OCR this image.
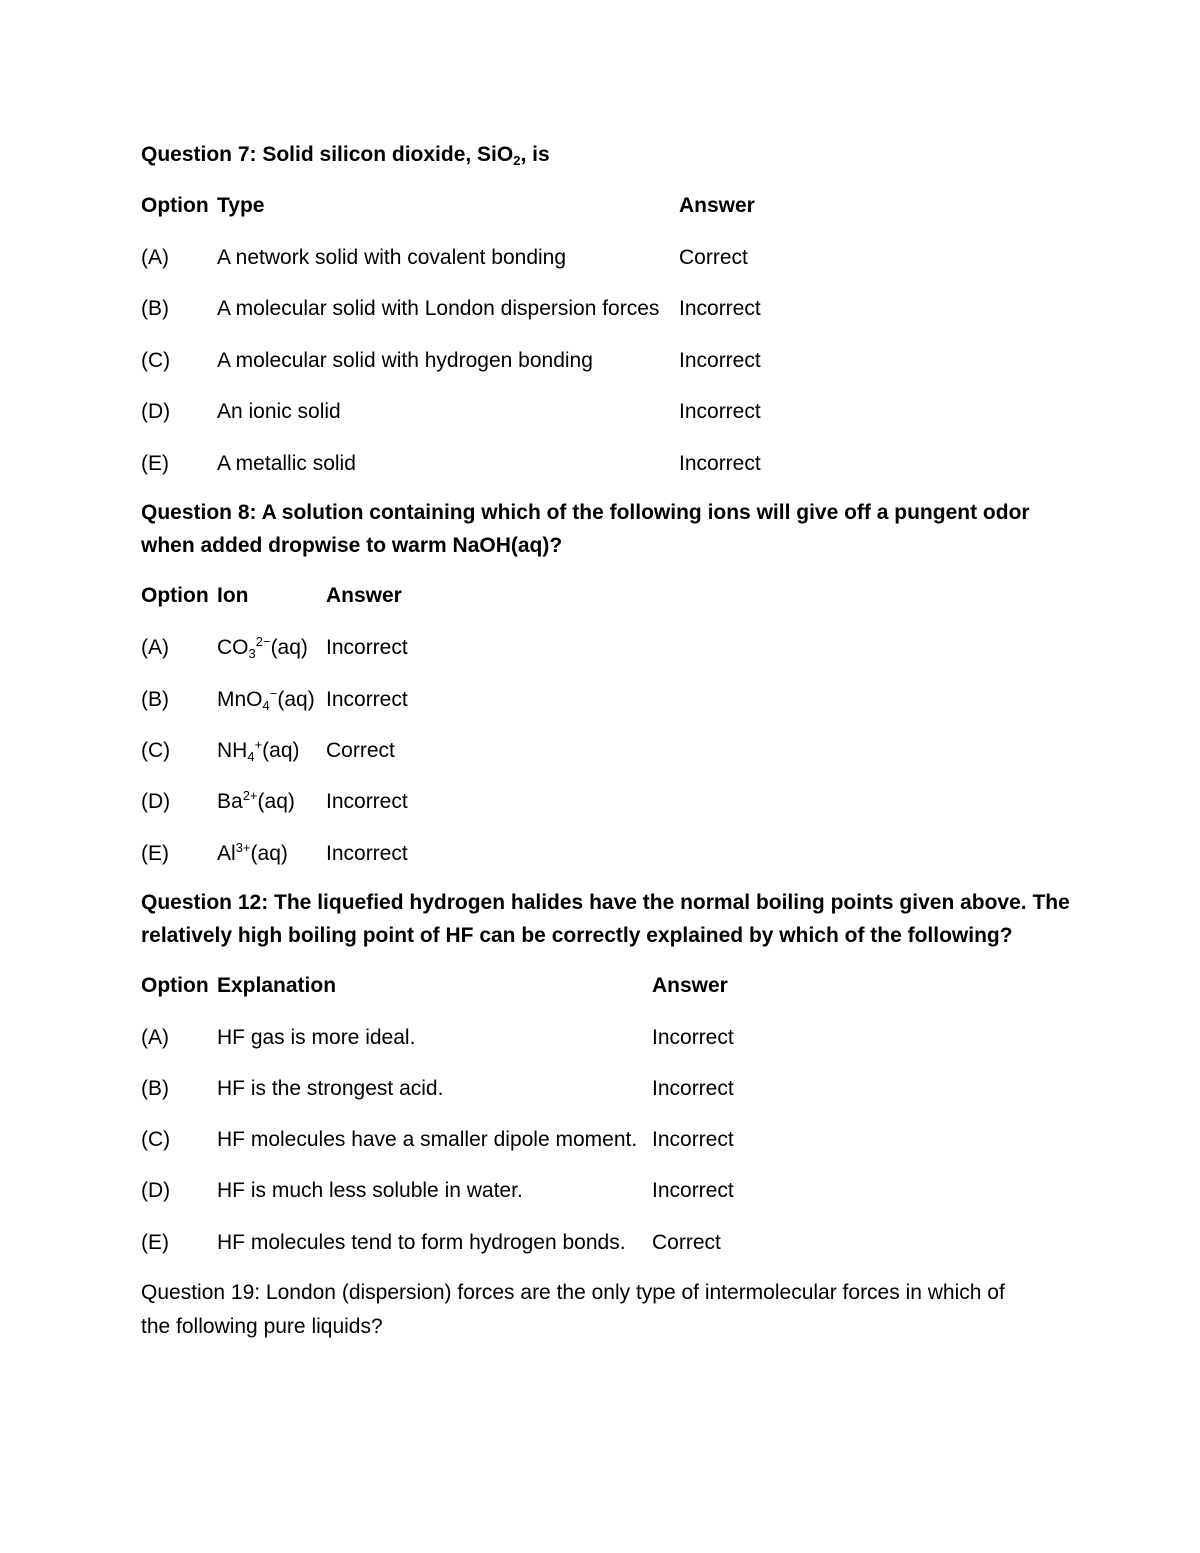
Question 7: Solid silicon dioxide, SiO$_2$, is
Option Type	Answer
(A) A network solid with covalent bonding	Correct
(B) A molecular solid with London dispersion forces Incorrect
(C) A molecular solid with hydrogen bonding	Incorrect
(D) An ionic solid	Incorrect
(E) A metallic solid	Incorrect
Question 8: A solution containing which of the following ions will give off a pungent odor
when added dropwise to warm NaOH(aq)?
Option Ion	Answer
(A) $CO_3^{2-}(aq)$ Incorrect
(B) MnO$_4$−(aq) Incorrect
(C) $NH_4^+(aq)$ Correct
(D) $Ba^{2+}(aq)$ Incorrect
(E) $Al^{3+}(aq)$ Incorrect
Question 12: The liquefied hydrogen halides have the normal boiling points given above. The
relatively high boiling point of HF can be correctly explained by which of the following?
Option Explanation	Answer
(A) HF gas is more ideal.	Incorrect
(B) HF is the strongest acid.	Incorrect
(C) HF molecules have a smaller dipole moment. Incorrect
(D) HF is much less soluble in water.	Incorrect
(E) HF molecules tend to form hydrogen bonds. Correct
Question 19: London (dispersion) forces are the only type of intermolecular forces in which of
the following pure liquids?
